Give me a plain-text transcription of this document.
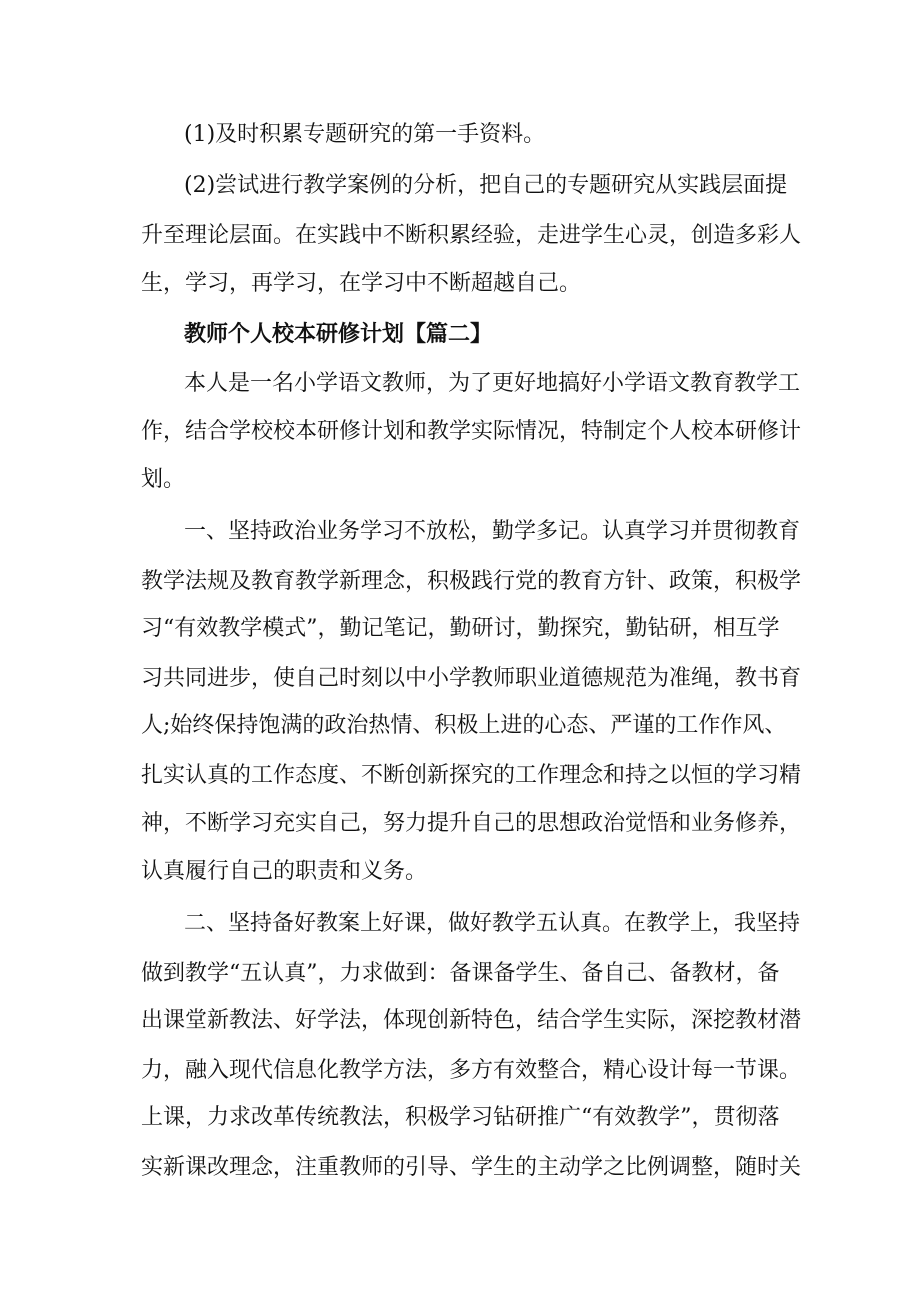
(1)及时积累专题研究的第一手资料。
(2)尝试进行教学案例的分析，把自己的专题研究从实践层面提
升至理论层面。在实践中不断积累经验，走进学生心灵，创造多彩人
生，学习，再学习，在学习中不断超越自己。
教师个人校本研修计划【篇二】
本人是一名小学语文教师，为了更好地搞好小学语文教育教学工
作，结合学校校本研修计划和教学实际情况，特制定个人校本研修计
划。
一、坚持政治业务学习不放松，勤学多记。认真学习并贯彻教育
教学法规及教育教学新理念，积极践行党的教育方针、政策，积极学
习“有效教学模式”，勤记笔记，勤研讨，勤探究，勤钻研，相互学
习共同进步，使自己时刻以中小学教师职业道德规范为准绳，教书育
人;始终保持饱满的政治热情、积极上进的心态、严谨的工作作风、
扎实认真的工作态度、不断创新探究的工作理念和持之以恒的学习精
神，不断学习充实自己，努力提升自己的思想政治觉悟和业务修养，
认真履行自己的职责和义务。
二、坚持备好教案上好课，做好教学五认真。在教学上，我坚持
做到教学“五认真”，力求做到：备课备学生、备自己、备教材，备
出课堂新教法、好学法，体现创新特色，结合学生实际，深挖教材潜
力，融入现代信息化教学方法，多方有效整合，精心设计每一节课。
上课，力求改革传统教法，积极学习钻研推广“有效教学”，贯彻落
实新课改理念，注重教师的引导、学生的主动学之比例调整，随时关
